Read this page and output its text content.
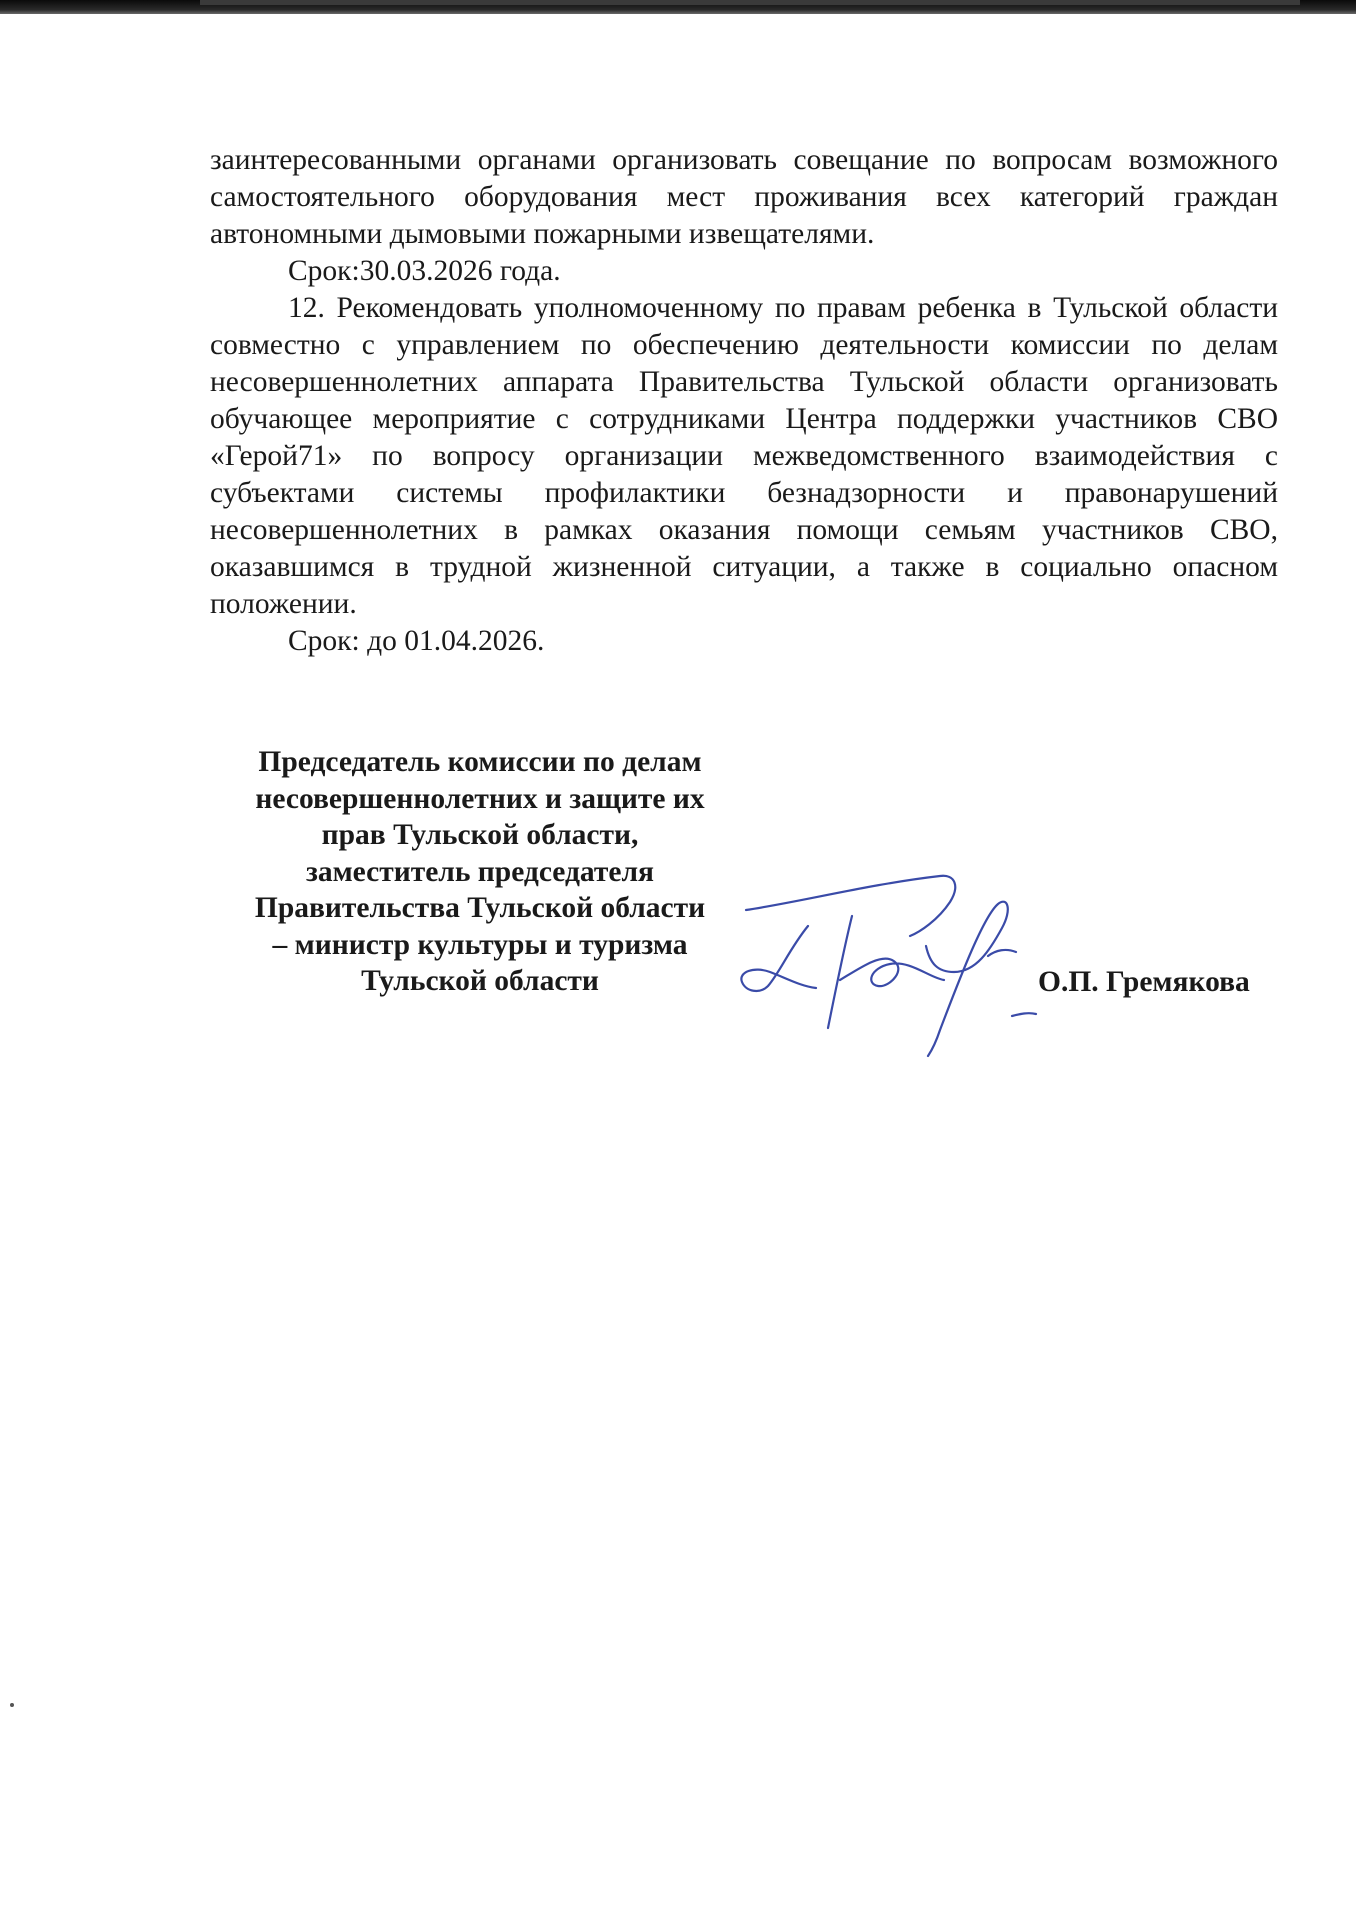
заинтересованными органами организовать совещание по вопросам возможного самостоятельного оборудования мест проживания всех категорий граждан автономными дымовыми пожарными извещателями.

Срок:30.03.2026 года.

12. Рекомендовать уполномоченному по правам ребенка в Тульской области совместно с управлением по обеспечению деятельности комиссии по делам несовершеннолетних аппарата Правительства Тульской области организовать обучающее мероприятие с сотрудниками Центра поддержки участников СВО «Герой71» по вопросу организации межведомственного взаимодействия с субъектами системы профилактики безнадзорности и правонарушений несовершеннолетних в рамках оказания помощи семьям участников СВО, оказавшимся в трудной жизненной ситуации, а также в социально опасном положении.

Срок: до 01.04.2026.

Председатель комиссии по делам
несовершеннолетних и защите их
прав Тульской области,
заместитель председателя
Правительства Тульской области
– министр культуры и туризма
Тульской области	О.П. Гремякова
